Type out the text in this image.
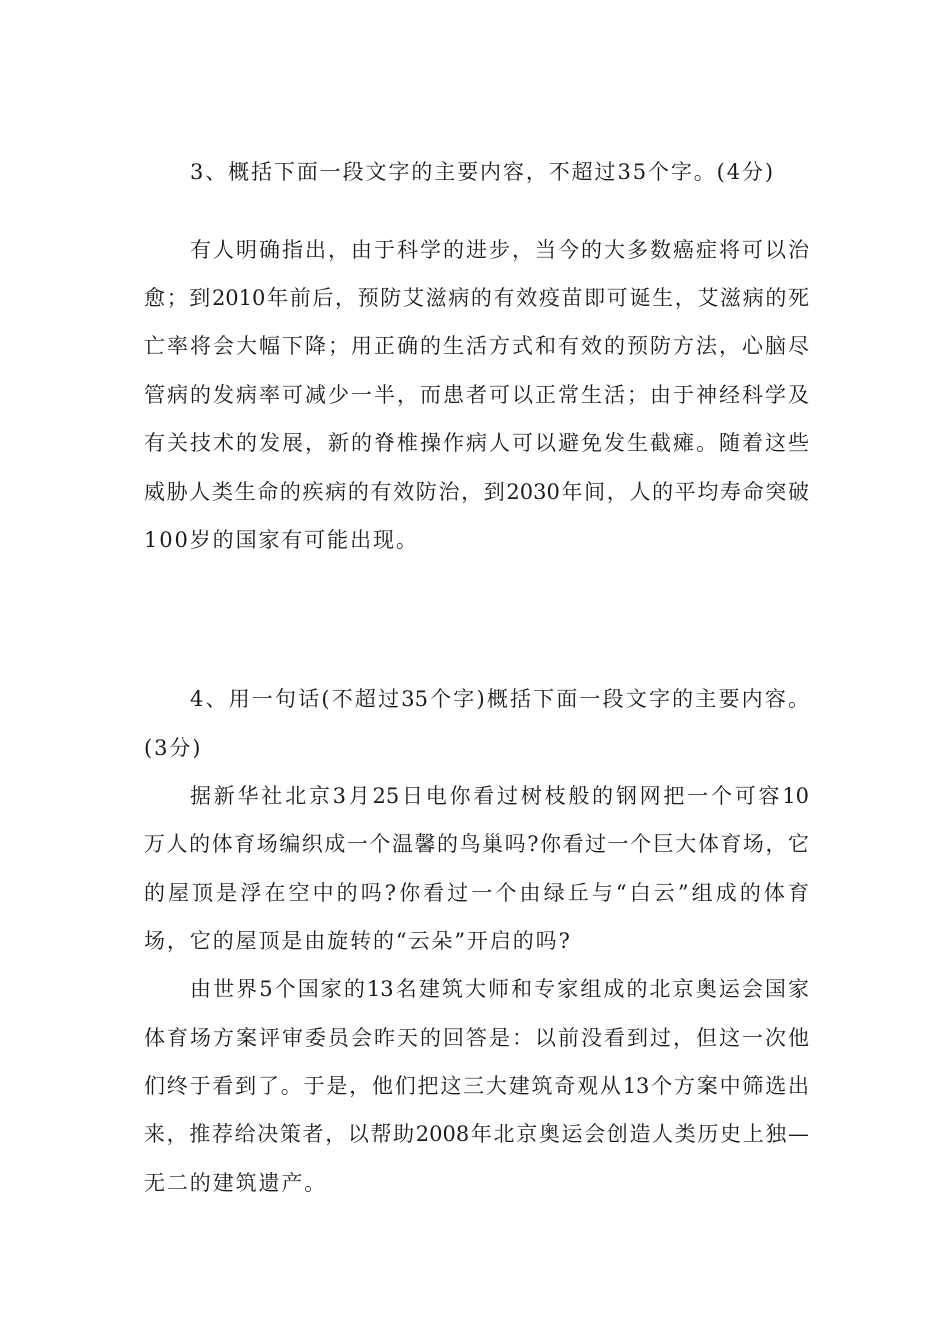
3、概括下面一段文字的主要内容，不超过35个字。(4分)
有人明确指出，由于科学的进步，当今的大多数癌症将可以治
愈；到2010年前后，预防艾滋病的有效疫苗即可诞生，艾滋病的死
亡率将会大幅下降；用正确的生活方式和有效的预防方法，心脑尽
管病的发病率可减少一半，而患者可以正常生活；由于神经科学及
有关技术的发展，新的脊椎操作病人可以避免发生截瘫。随着这些
威胁人类生命的疾病的有效防治，到2030年间，人的平均寿命突破
100岁的国家有可能出现。
4、用一句话(不超过35个字)概括下面一段文字的主要内容。
(3分)
据新华社北京3月25日电你看过树枝般的钢网把一个可容10
万人的体育场编织成一个温馨的鸟巢吗?你看过一个巨大体育场，它
的屋顶是浮在空中的吗?你看过一个由绿丘与“白云”组成的体育
场，它的屋顶是由旋转的“云朵”开启的吗?
由世界5个国家的13名建筑大师和专家组成的北京奥运会国家
体育场方案评审委员会昨天的回答是：以前没看到过，但这一次他
们终于看到了。于是，他们把这三大建筑奇观从13个方案中筛选出
来，推荐给决策者，以帮助2008年北京奥运会创造人类历史上独—
无二的建筑遗产。
